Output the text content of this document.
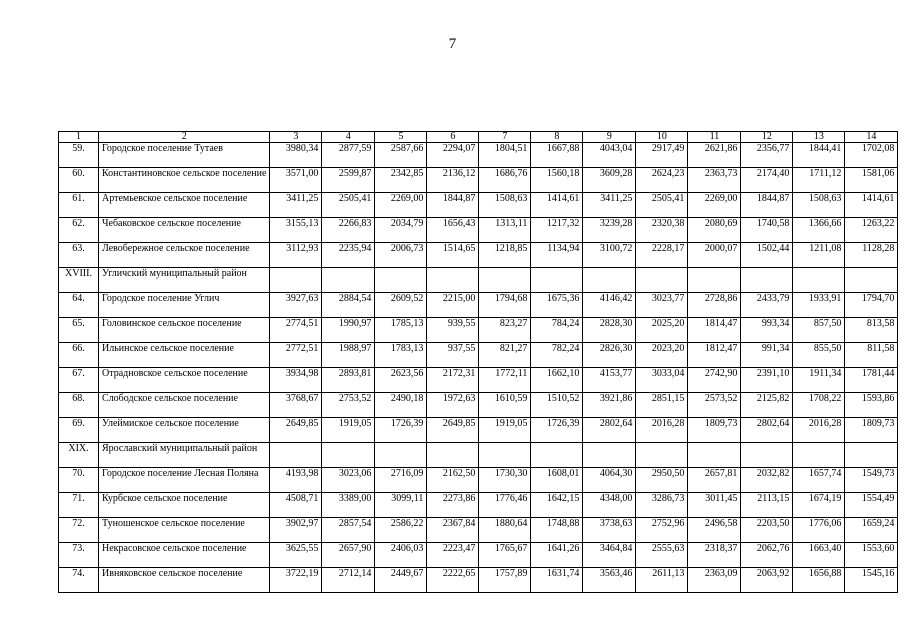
7
1	2	3	4	5	6	7	8	9	10	11	12	13	14
59.	Городское поселение Тутаев	3980,34	2877,59	2587,66	2294,07	1804,51	1667,88	4043,04	2917,49	2621,86	2356,77	1844,41	1702,08
60.	Константиновское сельское поселение	3571,00	2599,87	2342,85	2136,12	1686,76	1560,18	3609,28	2624,23	2363,73	2174,40	1711,12	1581,06
61.	Артемьевское сельское поселение	3411,25	2505,41	2269,00	1844,87	1508,63	1414,61	3411,25	2505,41	2269,00	1844,87	1508,63	1414,61
62.	Чебаковское сельское поселение	3155,13	2266,83	2034,79	1656,43	1313,11	1217,32	3239,28	2320,38	2080,69	1740,58	1366,66	1263,22
63.	Левобережное сельское поселение	3112,93	2235,94	2006,73	1514,65	1218,85	1134,94	3100,72	2228,17	2000,07	1502,44	1211,08	1128,28
XVIII.	Угличский муниципальный район												
64.	Городское поселение Углич	3927,63	2884,54	2609,52	2215,00	1794,68	1675,36	4146,42	3023,77	2728,86	2433,79	1933,91	1794,70
65.	Головинское сельское поселение	2774,51	1990,97	1785,13	939,55	823,27	784,24	2828,30	2025,20	1814,47	993,34	857,50	813,58
66.	Ильинское сельское поселение	2772,51	1988,97	1783,13	937,55	821,27	782,24	2826,30	2023,20	1812,47	991,34	855,50	811,58
67.	Отрадновское сельское поселение	3934,98	2893,81	2623,56	2172,31	1772,11	1662,10	4153,77	3033,04	2742,90	2391,10	1911,34	1781,44
68.	Слободское сельское поселение	3768,67	2753,52	2490,18	1972,63	1610,59	1510,52	3921,86	2851,15	2573,52	2125,82	1708,22	1593,86
69.	Улеймиское сельское поселение	2649,85	1919,05	1726,39	2649,85	1919,05	1726,39	2802,64	2016,28	1809,73	2802,64	2016,28	1809,73
XIX.	Ярославский муниципальный район												
70.	Городское поселение Лесная Поляна	4193,98	3023,06	2716,09	2162,50	1730,30	1608,01	4064,30	2950,50	2657,81	2032,82	1657,74	1549,73
71.	Курбское сельское поселение	4508,71	3389,00	3099,11	2273,86	1776,46	1642,15	4348,00	3286,73	3011,45	2113,15	1674,19	1554,49
72.	Туношенское сельское поселение	3902,97	2857,54	2586,22	2367,84	1880,64	1748,88	3738,63	2752,96	2496,58	2203,50	1776,06	1659,24
73.	Некрасовское сельское поселение	3625,55	2657,90	2406,03	2223,47	1765,67	1641,26	3464,84	2555,63	2318,37	2062,76	1663,40	1553,60
74.	Ивняковское сельское поселение	3722,19	2712,14	2449,67	2222,65	1757,89	1631,74	3563,46	2611,13	2363,09	2063,92	1656,88	1545,16
